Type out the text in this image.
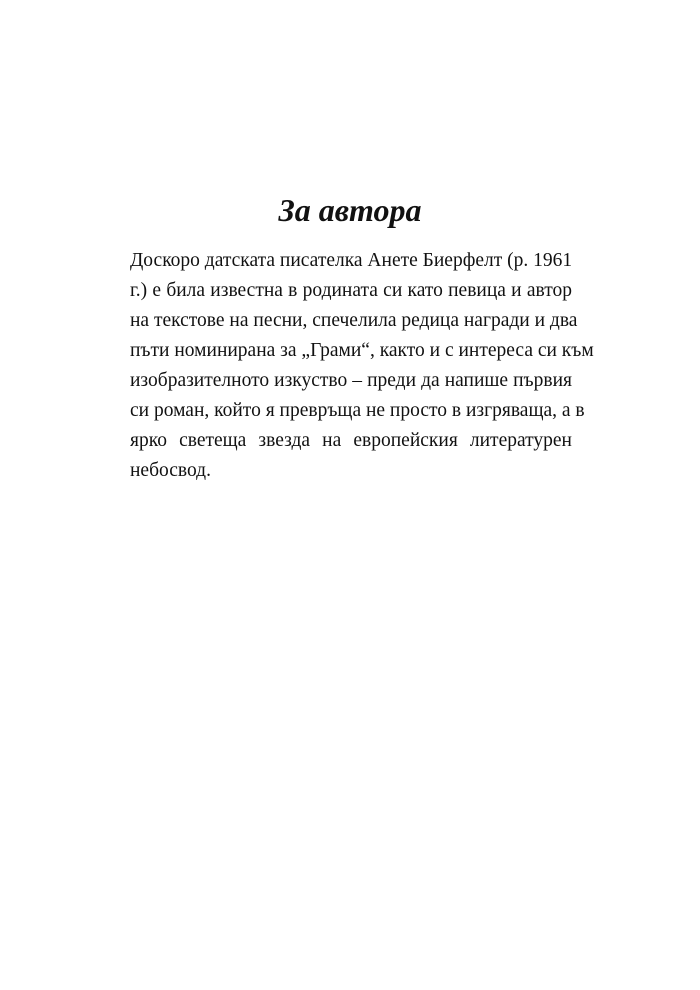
За автора

Доскоро датската писателка Анете Биерфелт (р. 1961
г.) е била известна в родината си като певица и автор
на текстове на песни, спечелила редица награди и два
пъти номинирана за „Грами“, както и с интереса си към
изобразителното изкуство – преди да напише първия
си роман, който я превръща не просто в изгряваща, а в
ярко светеща звезда на европейския литературен
небосвод.
